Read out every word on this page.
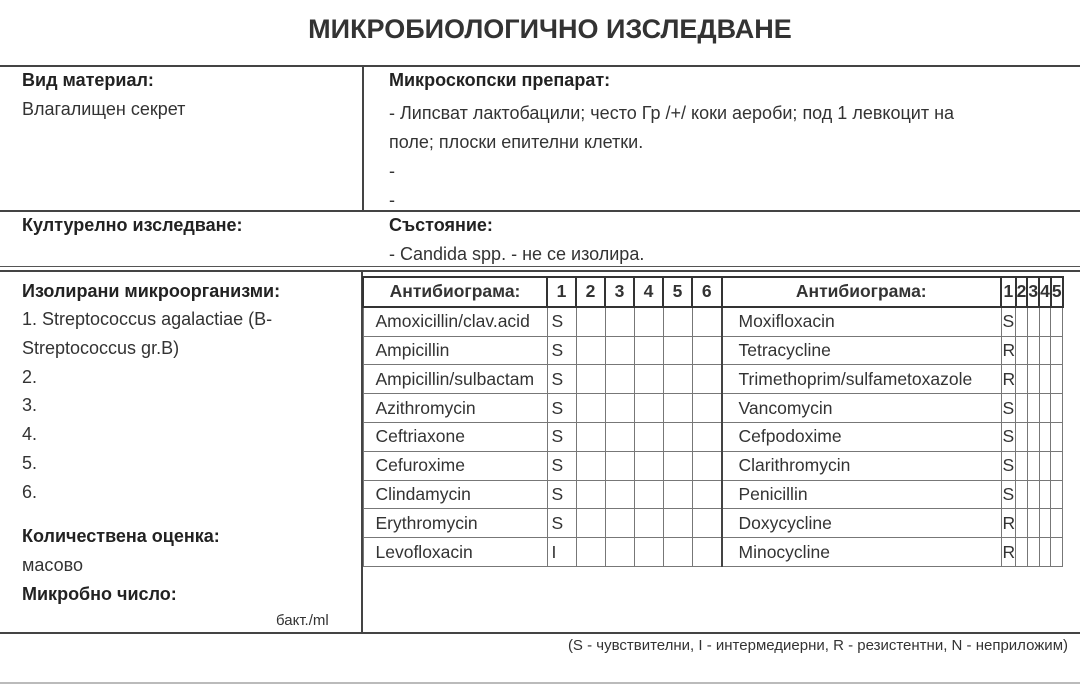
МИКРОБИОЛОГИЧНО ИЗСЛЕДВАНЕ
Вид материал:
Влагалищен секрет
Микроскопски препарат:
- Липсват лактобацили; често Гр /+/ коки аероби; под 1 левкоцит на
поле; плоски епителни клетки.
-
-
Културелно изследване:	Състояние:
- Candida spp. - не се изолира.
Изолирани микроорганизми:
1. Streptococcus agalactiae (B-
Streptococcus gr.B)
2.
3.
4.
5.
6.
Количествена оценка:
масово
Микробно число:
бакт./ml
Антибиограма:	1	2	3	4	5	6	Антибиограма:	1	2	3	4	5
Amoxicillin/clav.acid	S						Moxifloxacin	S				
Ampicillin	S						Tetracycline	R				
Ampicillin/sulbactam	S						Trimethoprim/sulfametoxazole	R				
Azithromycin	S						Vancomycin	S				
Ceftriaxone	S						Cefpodoxime	S				
Cefuroxime	S						Clarithromycin	S				
Clindamycin	S						Penicillin	S				
Erythromycin	S						Doxycycline	R				
Levofloxacin	I						Minocycline	R				
(S - чувствителни, I - интермедиерни, R - резистентни, N - неприложим)
